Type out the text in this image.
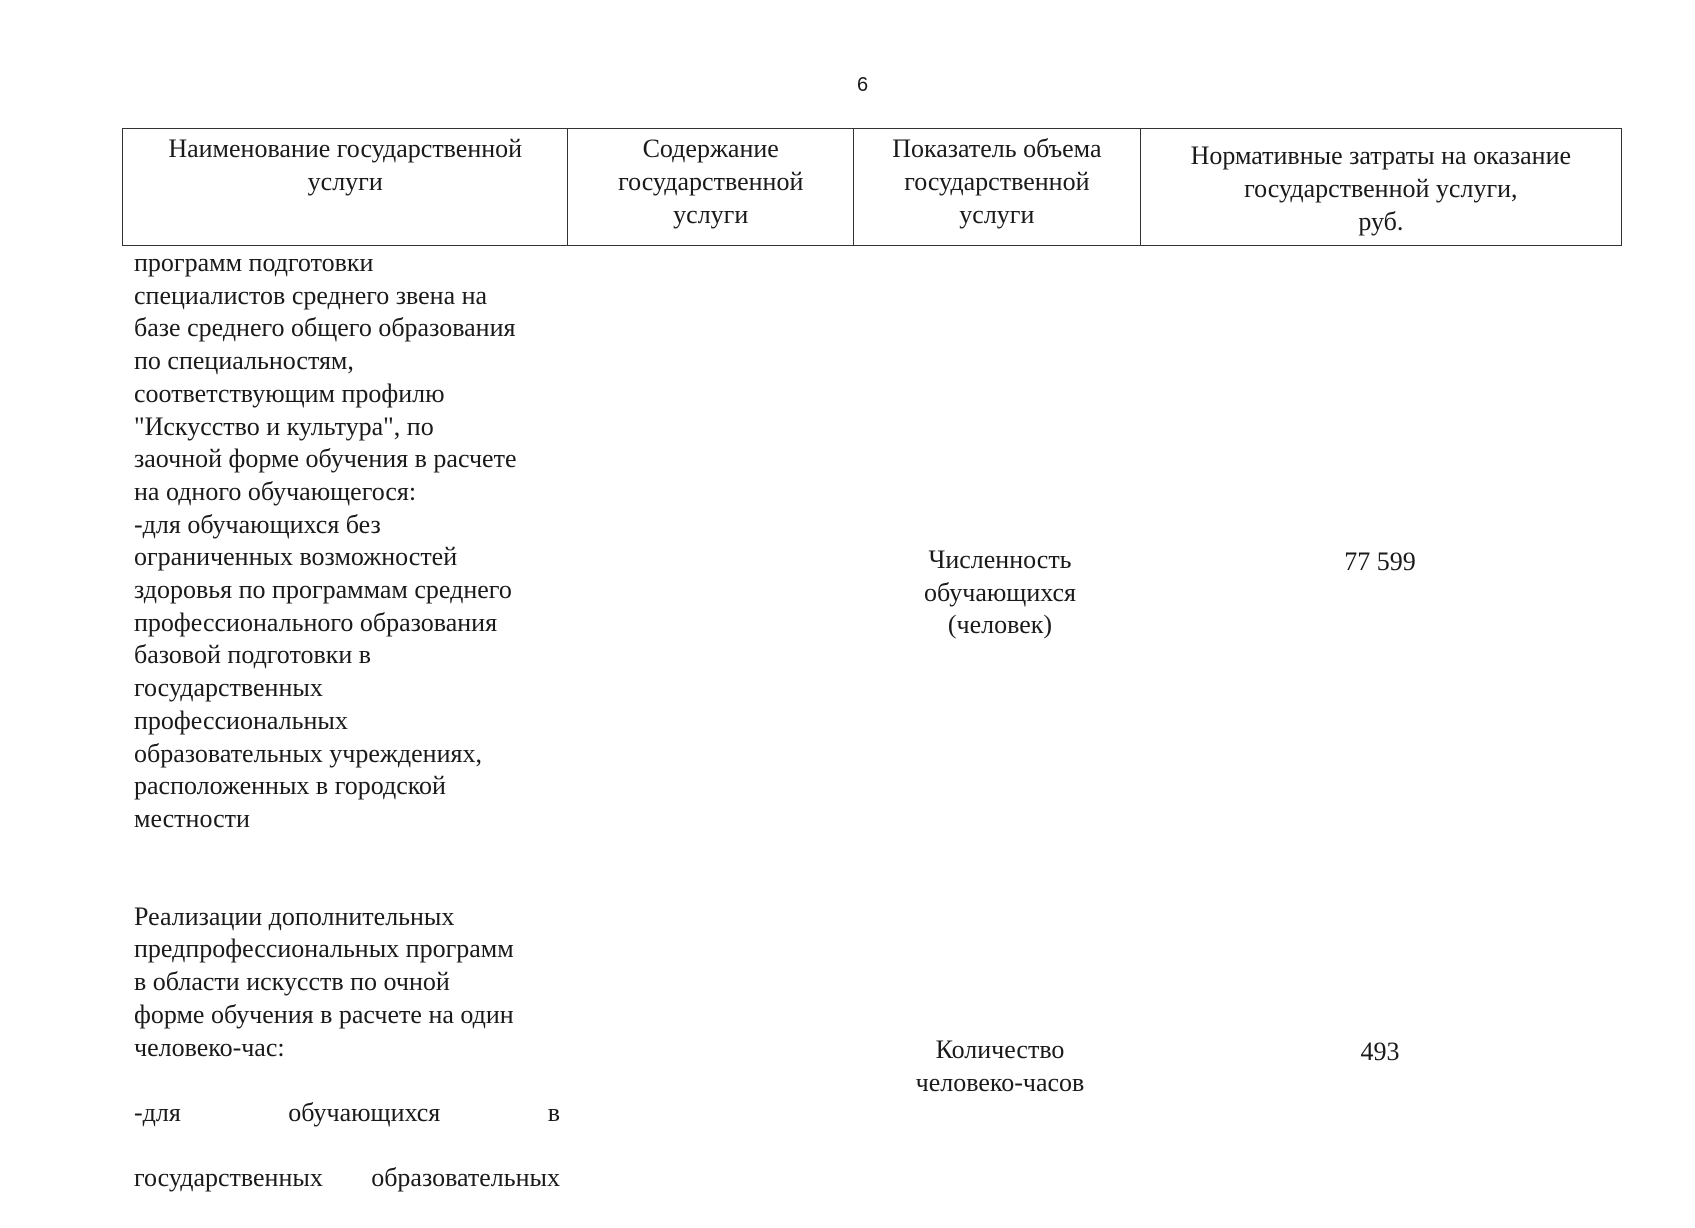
6
Наименование государственной
услуги
Содержание
государственной
услуги
Показатель объема
государственной
услуги
Нормативные затраты на оказание
государственной услуги,
руб.
программ подготовки
специалистов среднего звена на
базе среднего общего образования
по специальностям,
соответствующим профилю
"Искусство и культура", по
заочной форме обучения в расчете
на одного обучающегося:
-для обучающихся без
ограниченных возможностей
здоровья по программам среднего
профессионального образования
базовой подготовки в
государственных
профессиональных
образовательных учреждениях,
расположенных в городской
местности
Численность
обучающихся
(человек)
77 599

Реализации дополнительных
предпрофессиональных программ
в области искусств по очной
форме обучения в расчете на один
человеко-час:

-для	обучающихся	в

государственных образовательных

Количество
человеко-часов
493
